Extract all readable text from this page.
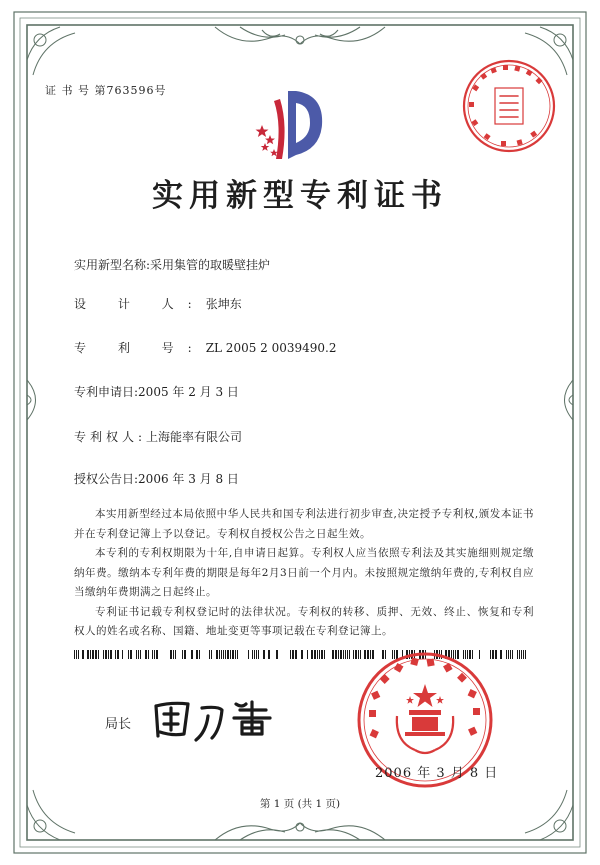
证 书 号 第763596号
实用新型专利证书
实用新型名称:采用集管的取暖壁挂炉
设 计 人:张坤东
专 利 号:ZL 2005 2 0039490.2
专利申请日:2005 年 2 月 3 日
专利权人:上海能率有限公司
授权公告日:2006 年 3 月 8 日

本实用新型经过本局依照中华人民共和国专利法进行初步审查,决定授予专利权,颁发本证书并在专利登记簿上予以登记。专利权自授权公告之日起生效。

本专利的专利权期限为十年,自申请日起算。专利权人应当依照专利法及其实施细则规定缴纳年费。缴纳本专利年费的期限是每年2月3日前一个月内。未按照规定缴纳年费的,专利权自应当缴纳年费期满之日起终止。

专利证书记载专利权登记时的法律状况。专利权的转移、质押、无效、终止、恢复和专利权人的姓名或名称、国籍、地址变更等事项记载在专利登记簿上。

局长
2006 年 3 月 8 日
第 1 页 (共 1 页)
